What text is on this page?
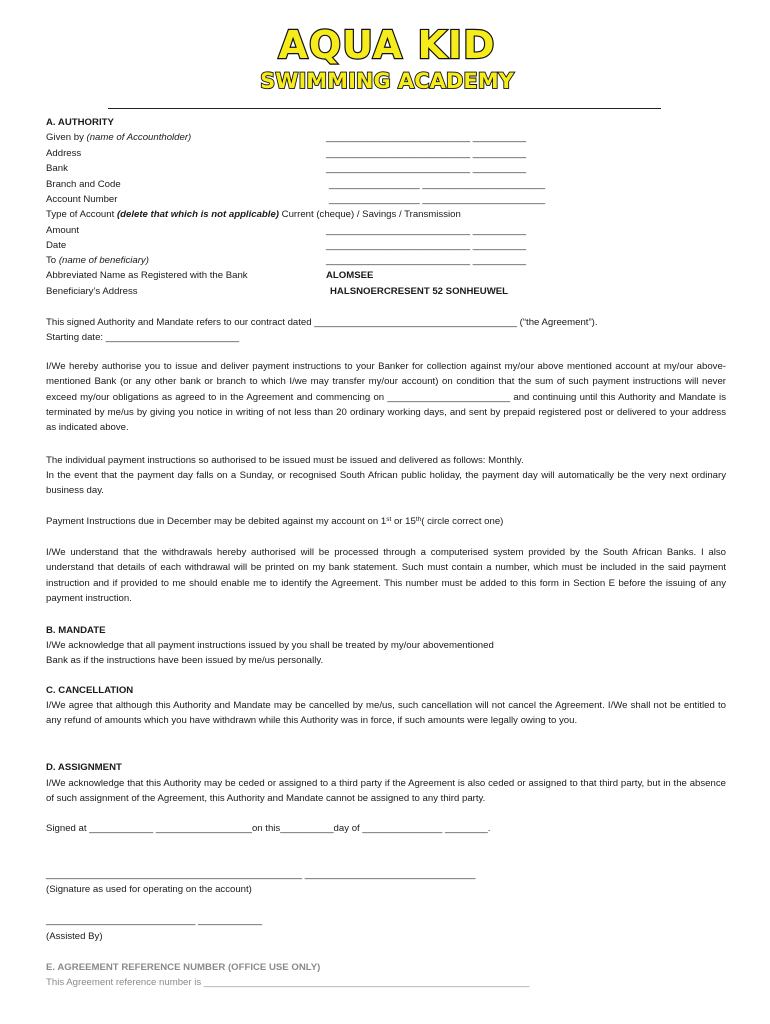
AQUA KID
SWIMMING ACADEMY
A. AUTHORITY
Given by (name of Accountholder)	___________________________ __________
Address	___________________________ __________
Bank	___________________________ __________
Branch and Code	_________________ _______________________
Account Number	_________________ _______________________
Type of Account (delete that which is not applicable) Current (cheque) / Savings / Transmission
Amount	___________________________ __________
Date	___________________________ __________
To (name of beneficiary)	___________________________ __________
Abbreviated Name as Registered with the Bank	ALOMSEE
Beneficiary’s Address	HALSNOERCRESENT 52 SONHEUWEL
This signed Authority and Mandate refers to our contract dated ______________________________________ (“the Agreement”).
Starting date: _________________________
I/We hereby authorise you to issue and deliver payment instructions to your Banker for collection against my/our above mentioned account at my/our above-mentioned Bank (or any other bank or branch to which I/we may transfer my/our account) on condition that the sum of such payment instructions will never exceed my/our obligations as agreed to in the Agreement and commencing on _______________________ and continuing until this Authority and Mandate is terminated by me/us by giving you notice in writing of not less than 20 ordinary working days, and sent by prepaid registered post or delivered to your address as indicated above.
The individual payment instructions so authorised to be issued must be issued and delivered as follows: Monthly.
In the event that the payment day falls on a Sunday, or recognised South African public holiday, the payment day will automatically be the very next ordinary business day.
Payment Instructions due in December may be debited against my account on 1st or 15th( circle correct one)
I/We understand that the withdrawals hereby authorised will be processed through a computerised system provided by the South African Banks. I also understand that details of each withdrawal will be printed on my bank statement. Such must contain a number, which must be included in the said payment instruction and if provided to me should enable me to identify the Agreement. This number must be added to this form in Section E before the issuing of any payment instruction.
B. MANDATE
I/We acknowledge that all payment instructions issued by you shall be treated by my/our abovementioned
Bank as if the instructions have been issued by me/us personally.
C. CANCELLATION
I/We agree that although this Authority and Mandate may be cancelled by me/us, such cancellation will not cancel the Agreement. I/We shall not be entitled to any refund of amounts which you have withdrawn while this Authority was in force, if such amounts were legally owing to you.
D. ASSIGNMENT
I/We acknowledge that this Authority may be ceded or assigned to a third party if the Agreement is also ceded or assigned to that third party, but in the absence of such assignment of the Agreement, this Authority and Mandate cannot be assigned to any third party.
Signed at ____________ __________________on this__________day of _______________ ________.
________________________________________________ ________________________________
(Signature as used for operating on the account)
____________________________ ____________
(Assisted By)
E. AGREEMENT REFERENCE NUMBER (OFFICE USE ONLY)
This Agreement reference number is _____________________________________________________________
